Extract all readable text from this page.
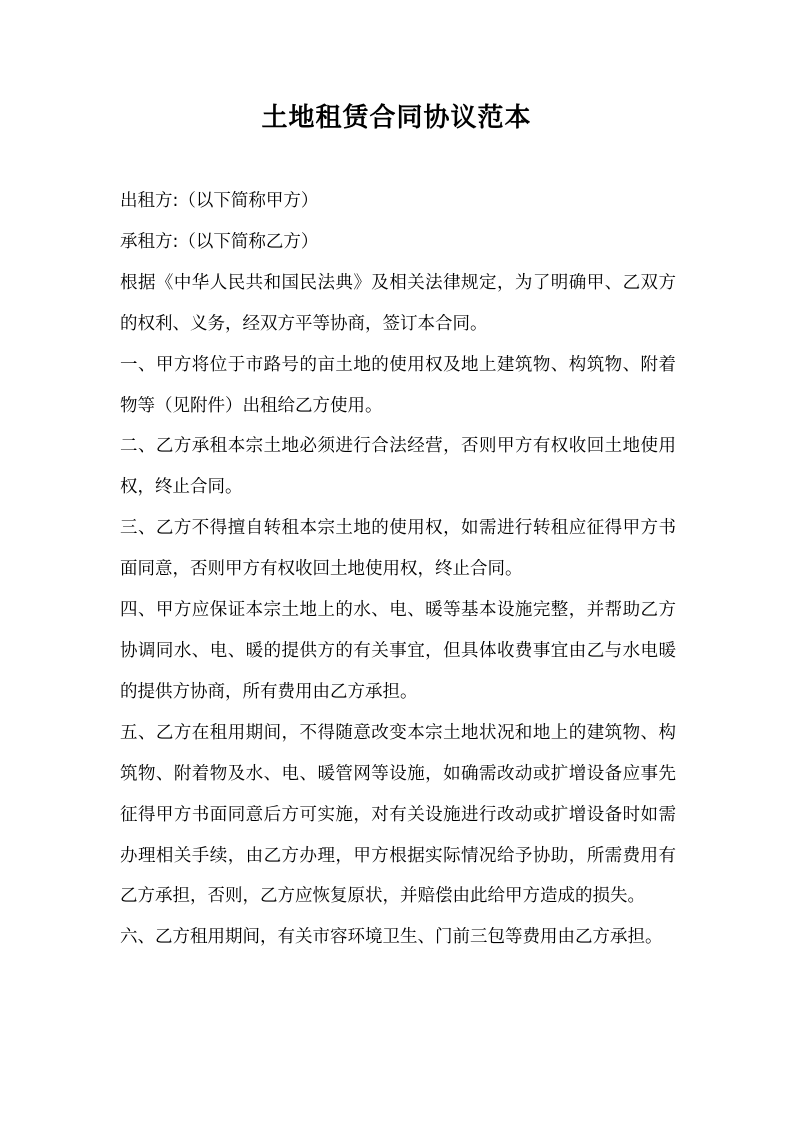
土地租赁合同协议范本

出租方:（以下简称甲方）

承租方:（以下简称乙方）

根据《中华人民共和国民法典》及相关法律规定，为了明确甲、乙双方的权利、义务，经双方平等协商，签订本合同。

一、甲方将位于市路号的亩土地的使用权及地上建筑物、构筑物、附着物等（见附件）出租给乙方使用。

二、乙方承租本宗土地必须进行合法经营，否则甲方有权收回土地使用权，终止合同。

三、乙方不得擅自转租本宗土地的使用权，如需进行转租应征得甲方书面同意，否则甲方有权收回土地使用权，终止合同。

四、甲方应保证本宗土地上的水、电、暖等基本设施完整，并帮助乙方协调同水、电、暖的提供方的有关事宜，但具体收费事宜由乙与水电暖的提供方协商，所有费用由乙方承担。

五、乙方在租用期间，不得随意改变本宗土地状况和地上的建筑物、构筑物、附着物及水、电、暖管网等设施，如确需改动或扩增设备应事先征得甲方书面同意后方可实施，对有关设施进行改动或扩增设备时如需办理相关手续，由乙方办理，甲方根据实际情况给予协助，所需费用有乙方承担，否则，乙方应恢复原状，并赔偿由此给甲方造成的损失。

六、乙方租用期间，有关市容环境卫生、门前三包等费用由乙方承担。
